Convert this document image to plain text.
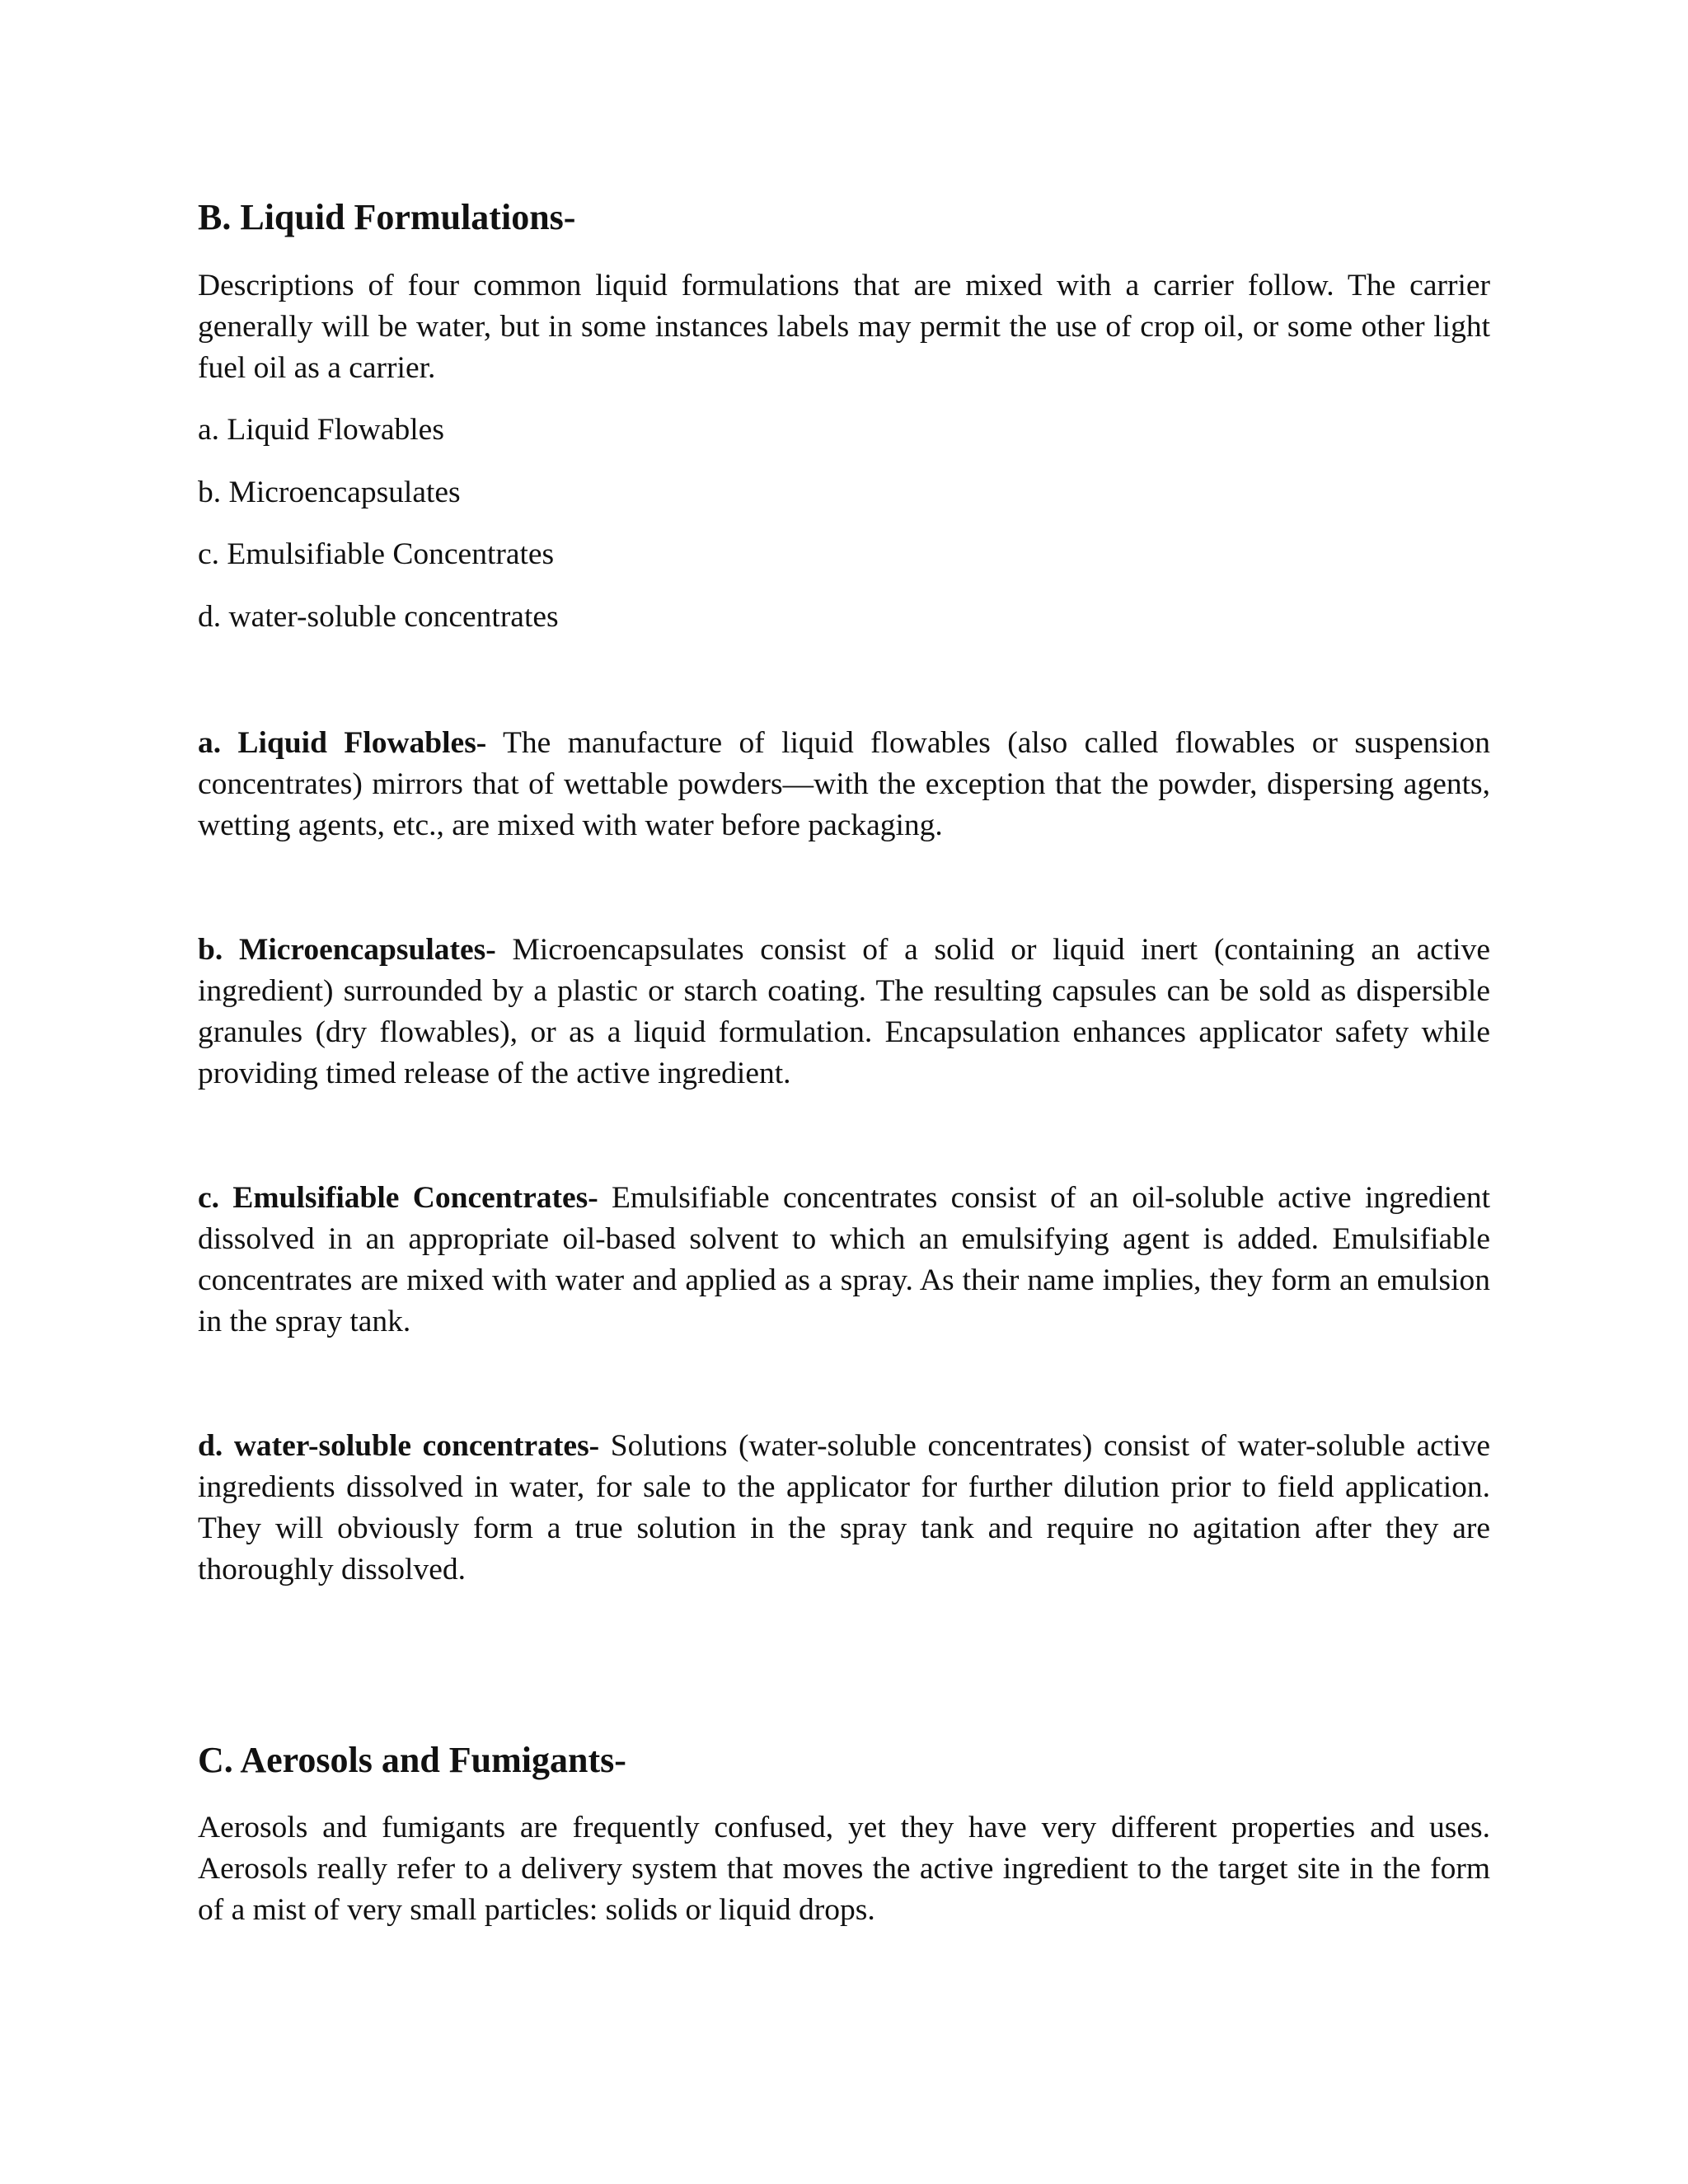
B. Liquid Formulations-

Descriptions of four common liquid formulations that are mixed with a carrier follow. The carrier generally will be water, but in some instances labels may permit the use of crop oil, or some other light fuel oil as a carrier.

a. Liquid Flowables

b. Microencapsulates

c. Emulsifiable Concentrates

d. water-soluble concentrates

a. Liquid Flowables- The manufacture of liquid flowables (also called flowables or suspension concentrates) mirrors that of wettable powders—with the exception that the powder, dispersing agents, wetting agents, etc., are mixed with water before packaging.

b. Microencapsulates- Microencapsulates consist of a solid or liquid inert (containing an active ingredient) surrounded by a plastic or starch coating. The resulting capsules can be sold as dispersible granules (dry flowables), or as a liquid formulation. Encapsulation enhances applicator safety while providing timed release of the active ingredient.

c. Emulsifiable Concentrates- Emulsifiable concentrates consist of an oil-soluble active ingredient dissolved in an appropriate oil-based solvent to which an emulsifying agent is added. Emulsifiable concentrates are mixed with water and applied as a spray. As their name implies, they form an emulsion in the spray tank.

d. water-soluble concentrates- Solutions (water-soluble concentrates) consist of water-soluble active ingredients dissolved in water, for sale to the applicator for further dilution prior to field application. They will obviously form a true solution in the spray tank and require no agitation after they are thoroughly dissolved.

C. Aerosols and Fumigants-

Aerosols and fumigants are frequently confused, yet they have very different properties and uses. Aerosols really refer to a delivery system that moves the active ingredient to the target site in the form of a mist of very small particles: solids or liquid drops.
